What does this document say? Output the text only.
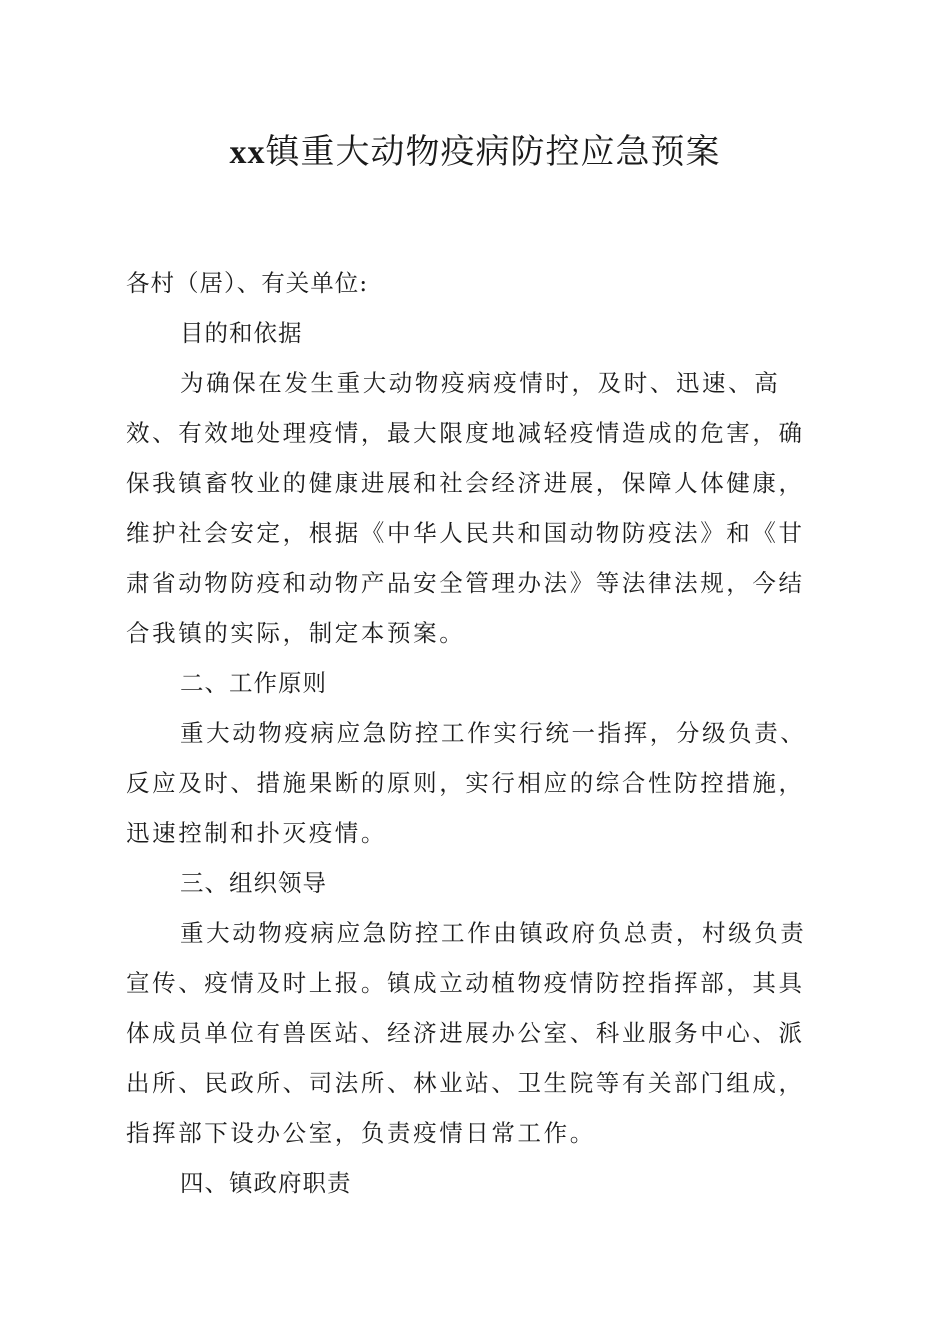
xx镇重大动物疫病防控应急预案

各村（居）、有关单位:

目的和依据

为确保在发生重大动物疫病疫情时，及时、迅速、高效、有效地处理疫情，最大限度地减轻疫情造成的危害，确保我镇畜牧业的健康进展和社会经济进展，保障人体健康，维护社会安定，根据《中华人民共和国动物防疫法》和《甘肃省动物防疫和动物产品安全管理办法》等法律法规，今结合我镇的实际，制定本预案。

二、工作原则

重大动物疫病应急防控工作实行统一指挥，分级负责、反应及时、措施果断的原则，实行相应的综合性防控措施，迅速控制和扑灭疫情。

三、组织领导

重大动物疫病应急防控工作由镇政府负总责，村级负责宣传、疫情及时上报。镇成立动植物疫情防控指挥部，其具体成员单位有兽医站、经济进展办公室、科业服务中心、派出所、民政所、司法所、林业站、卫生院等有关部门组成，指挥部下设办公室，负责疫情日常工作。

四、镇政府职责
